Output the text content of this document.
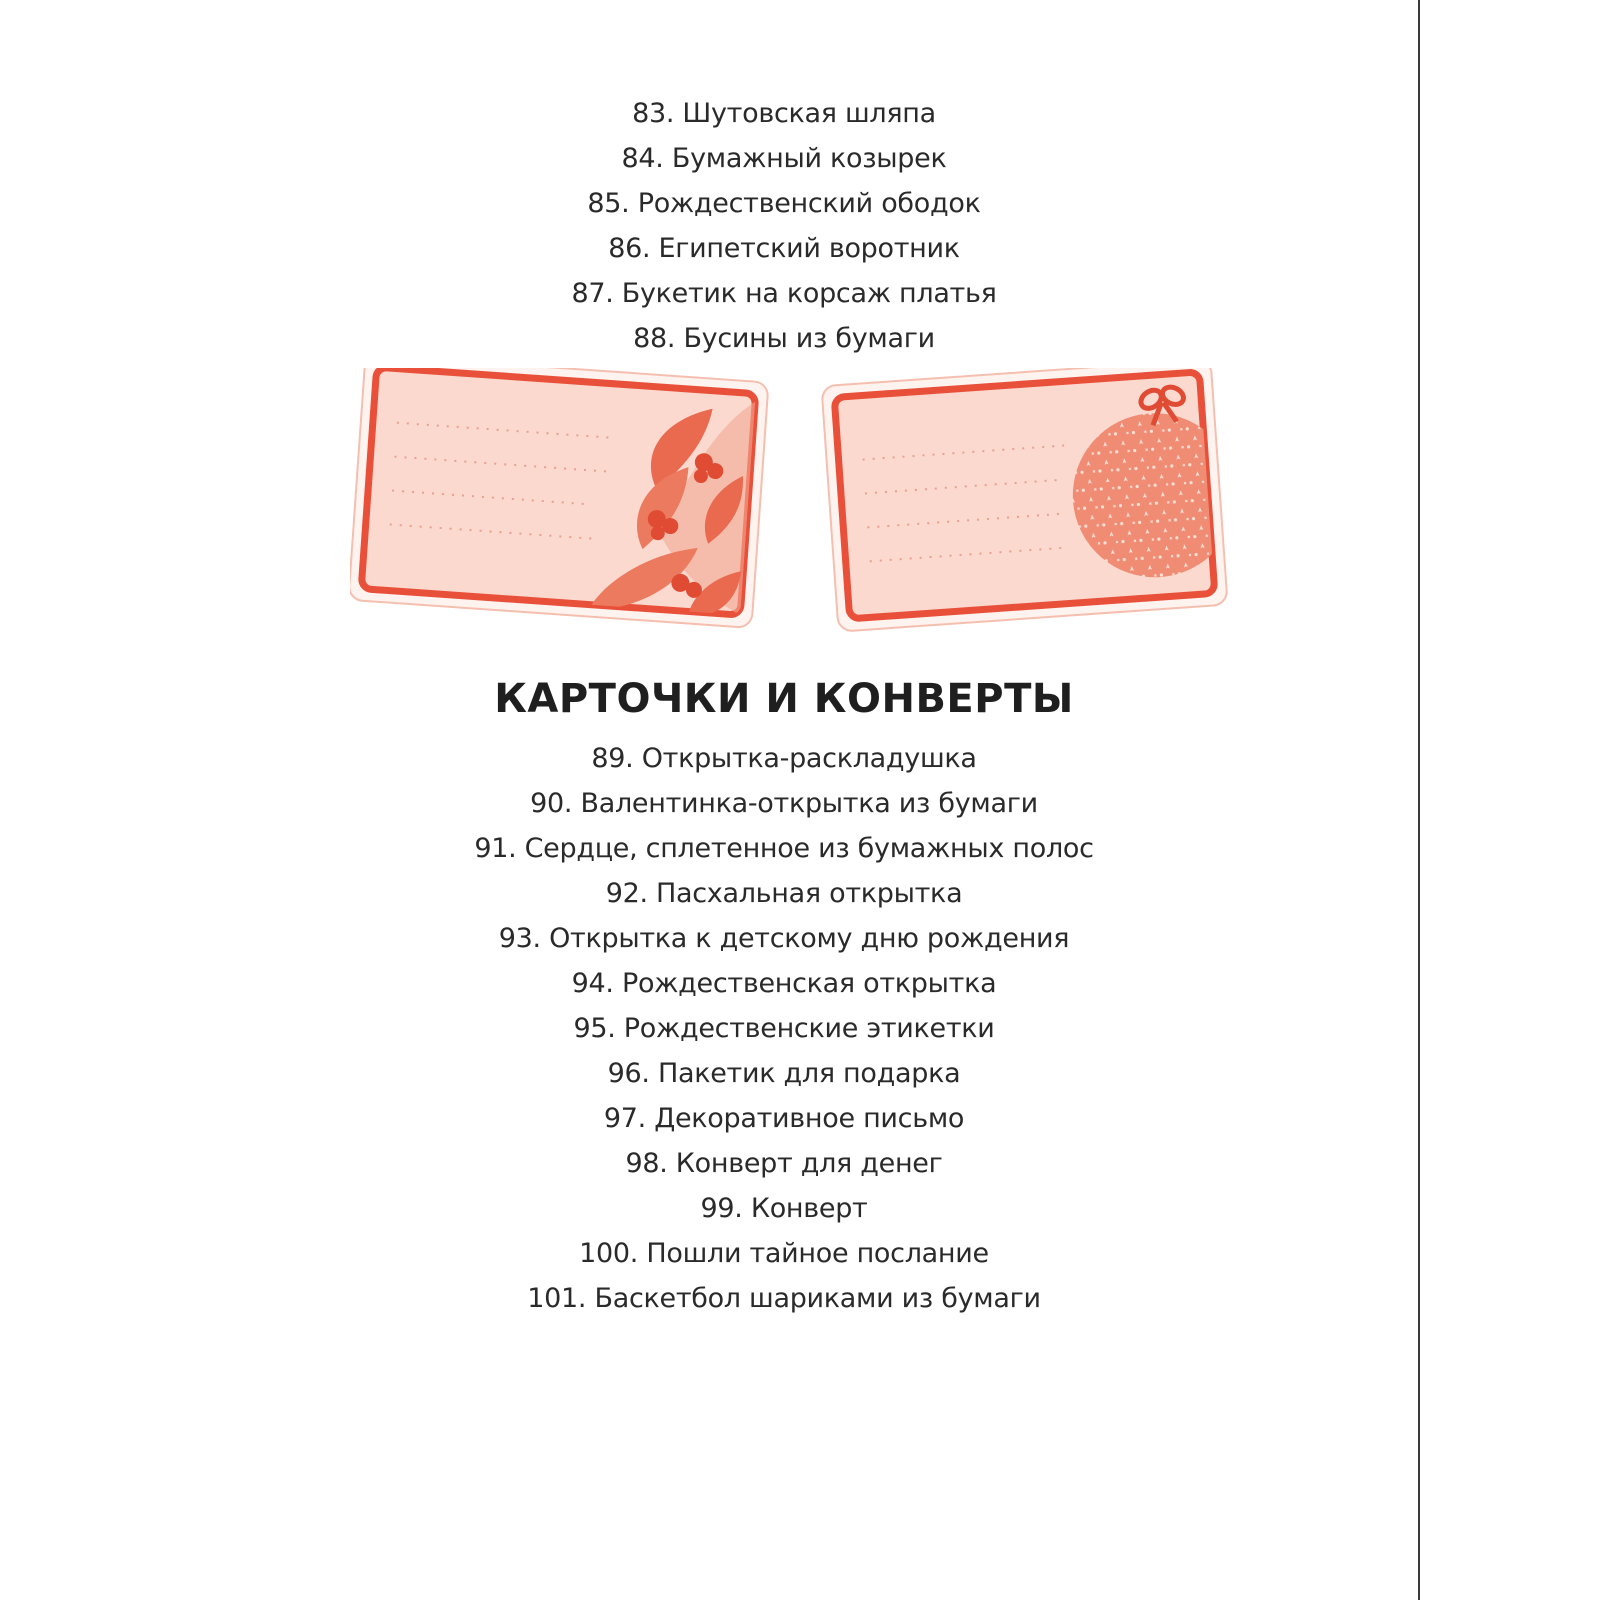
83. Шутовская шляпа
84. Бумажный козырек
85. Рождественский ободок
86. Египетский воротник
87. Букетик на корсаж платья
88. Бусины из бумаги
КАРТОЧКИ И КОНВЕРТЫ
89. Открытка-раскладушка
90. Валентинка-открытка из бумаги
91. Сердце, сплетенное из бумажных полос
92. Пасхальная открытка
93. Открытка к детскому дню рождения
94. Рождественская открытка
95. Рождественские этикетки
96. Пакетик для подарка
97. Декоративное письмо
98. Конверт для денег
99. Конверт
100. Пошли тайное послание
101. Баскетбол шариками из бумаги
